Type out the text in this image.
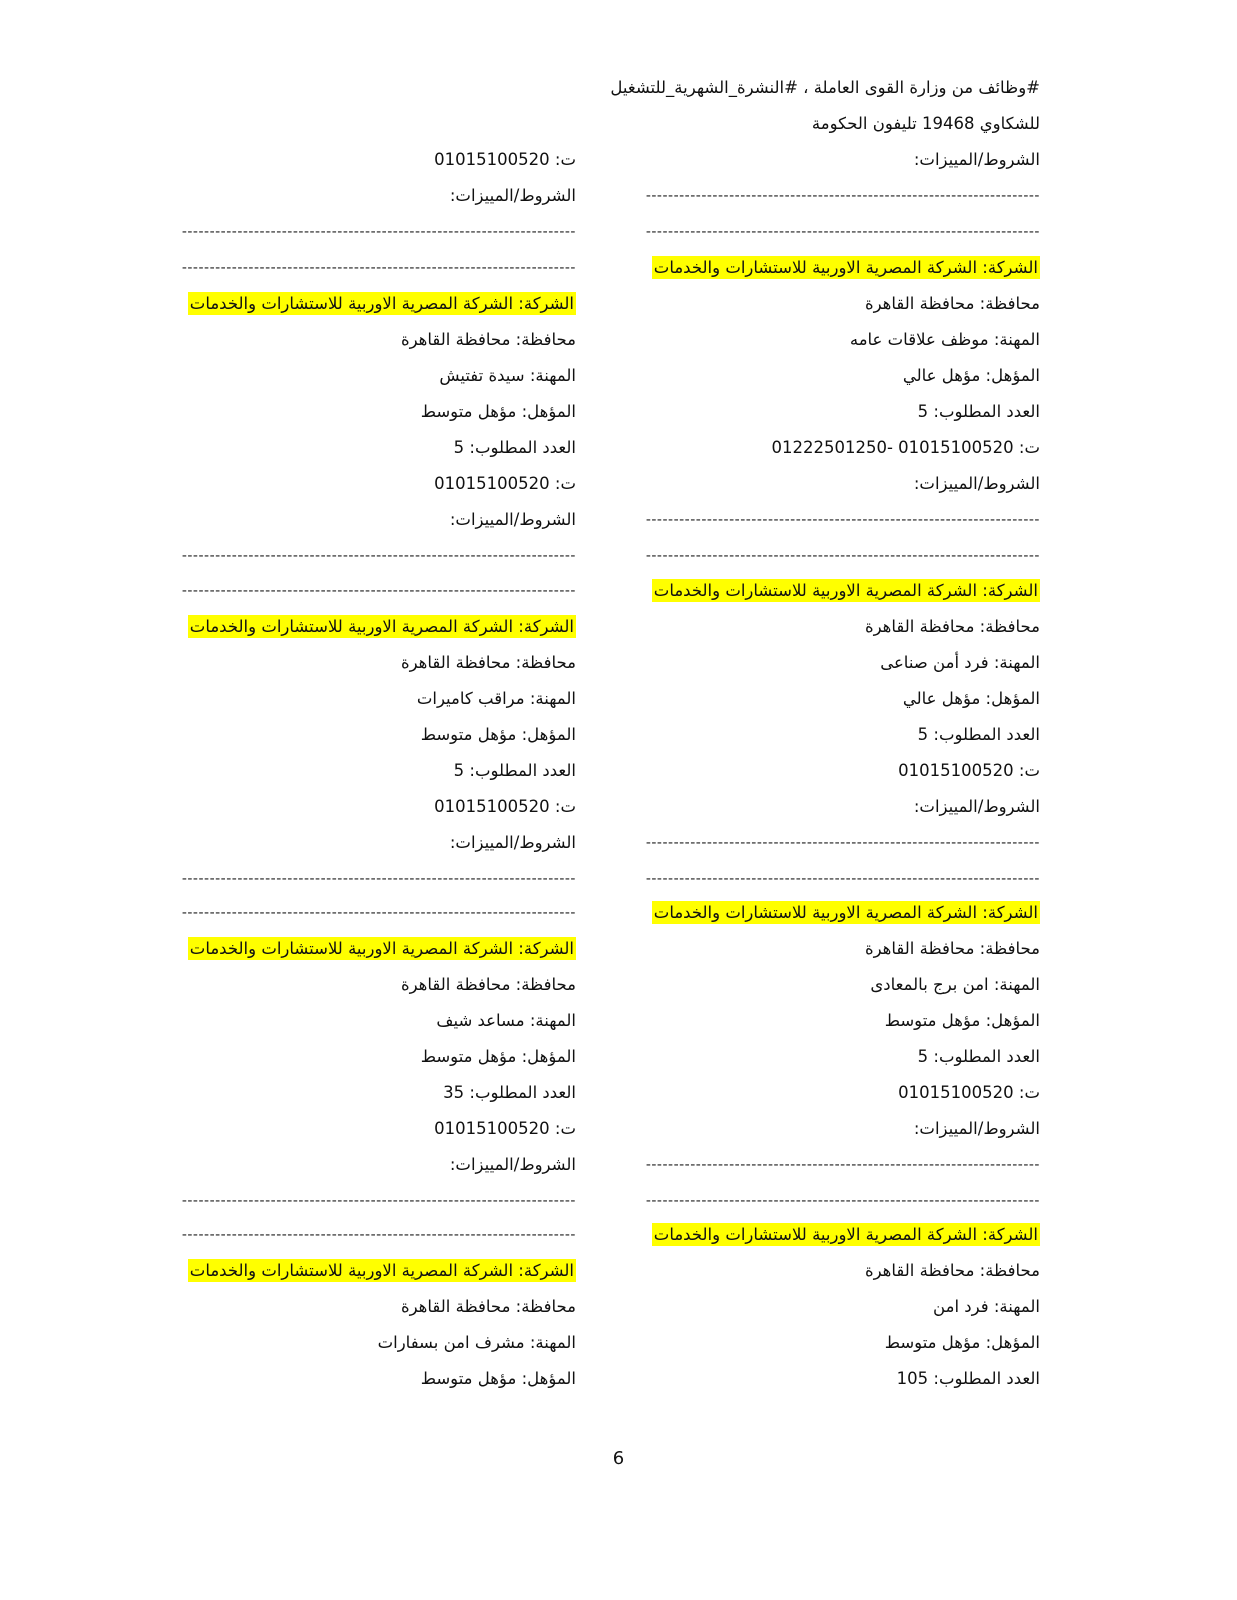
#وظائف من وزارة القوى العاملة ، #النشرة_الشهرية_للتشغيل
للشكاوي 19468 تليفون الحكومة
الشروط/المييزات:
-----------------------------------------------------------------------
-----------------------------------------------------------------------
الشركة: الشركة المصرية الاوربية للاستشارات والخدمات
محافظة: محافظة القاهرة
المهنة: موظف علاقات عامه
المؤهل: مؤهل عالي
العدد المطلوب: 5
ت: 01015100520 -01222501250
الشروط/المييزات:
-----------------------------------------------------------------------
-----------------------------------------------------------------------
الشركة: الشركة المصرية الاوربية للاستشارات والخدمات
محافظة: محافظة القاهرة
المهنة: فرد أمن صناعى
المؤهل: مؤهل عالي
العدد المطلوب: 5
ت: 01015100520
الشروط/المييزات:
-----------------------------------------------------------------------
-----------------------------------------------------------------------
الشركة: الشركة المصرية الاوربية للاستشارات والخدمات
محافظة: محافظة القاهرة
المهنة: امن برج بالمعادى
المؤهل: مؤهل متوسط
العدد المطلوب: 5
ت: 01015100520
الشروط/المييزات:
-----------------------------------------------------------------------
-----------------------------------------------------------------------
الشركة: الشركة المصرية الاوربية للاستشارات والخدمات
محافظة: محافظة القاهرة
المهنة: فرد امن
المؤهل: مؤهل متوسط
العدد المطلوب: 105
ت: 01015100520
الشروط/المييزات:
-----------------------------------------------------------------------
-----------------------------------------------------------------------
الشركة: الشركة المصرية الاوربية للاستشارات والخدمات
محافظة: محافظة القاهرة
المهنة: سيدة تفتيش
المؤهل: مؤهل متوسط
العدد المطلوب: 5
ت: 01015100520
الشروط/المييزات:
-----------------------------------------------------------------------
-----------------------------------------------------------------------
الشركة: الشركة المصرية الاوربية للاستشارات والخدمات
محافظة: محافظة القاهرة
المهنة: مراقب كاميرات
المؤهل: مؤهل متوسط
العدد المطلوب: 5
ت: 01015100520
الشروط/المييزات:
-----------------------------------------------------------------------
-----------------------------------------------------------------------
الشركة: الشركة المصرية الاوربية للاستشارات والخدمات
محافظة: محافظة القاهرة
المهنة: مساعد شيف
المؤهل: مؤهل متوسط
العدد المطلوب: 35
ت: 01015100520
الشروط/المييزات:
-----------------------------------------------------------------------
-----------------------------------------------------------------------
الشركة: الشركة المصرية الاوربية للاستشارات والخدمات
محافظة: محافظة القاهرة
المهنة: مشرف امن بسفارات
المؤهل: مؤهل متوسط
6
